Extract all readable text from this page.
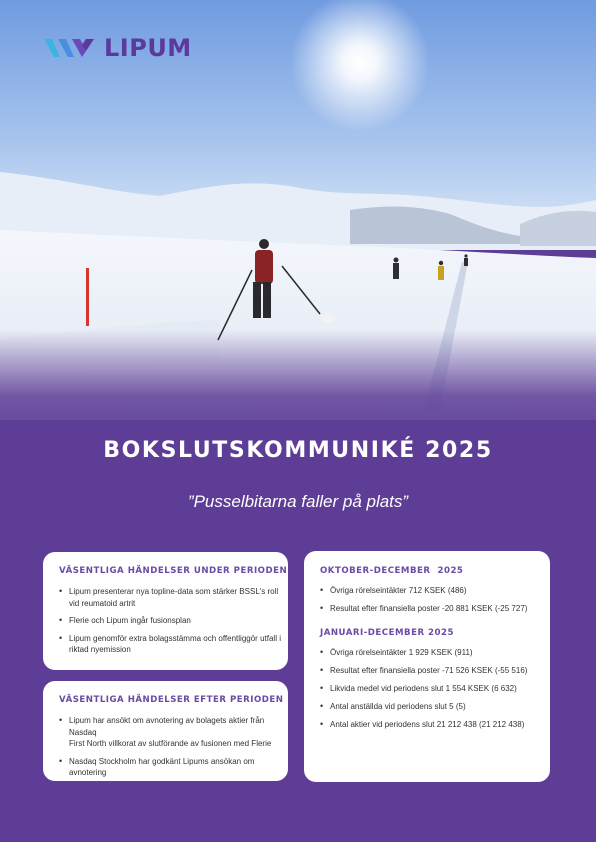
LIPUM
BOKSLUTSKOMMUNIKÉ 2025
”Pusselbitarna faller på plats”
VÄSENTLIGA HÄNDELSER UNDER PERIODEN
• Lipum presenterar nya topline-data som stärker BSSL's roll
vid reumatoid artrit
• Flerie och Lipum ingår fusionsplan
• Lipum genomför extra bolagsstämma och offentliggör utfall i
riktad nyemission
VÄSENTLIGA HÄNDELSER EFTER PERIODEN
• Lipum har ansökt om avnotering av bolagets aktier från Nasdaq
First North villkorat av slutförande av fusionen med Flerie
• Nasdaq Stockholm har godkänt Lipums ansökan om
avnotering
OKTOBER-DECEMBER  2025
• Övriga rörelseintäkter 712 KSEK (486)
• Resultat efter finansiella poster -20 881 KSEK (-25 727)
JANUARI-DECEMBER 2025
• Övriga rörelseintäkter 1 929 KSEK (911)
• Resultat efter finansiella poster -71 526 KSEK (-55 516)
• Likvida medel vid periodens slut 1 554 KSEK (6 632)
• Antal anställda vid periodens slut 5 (5)
• Antal aktier vid periodens slut 21 212 438 (21 212 438)
